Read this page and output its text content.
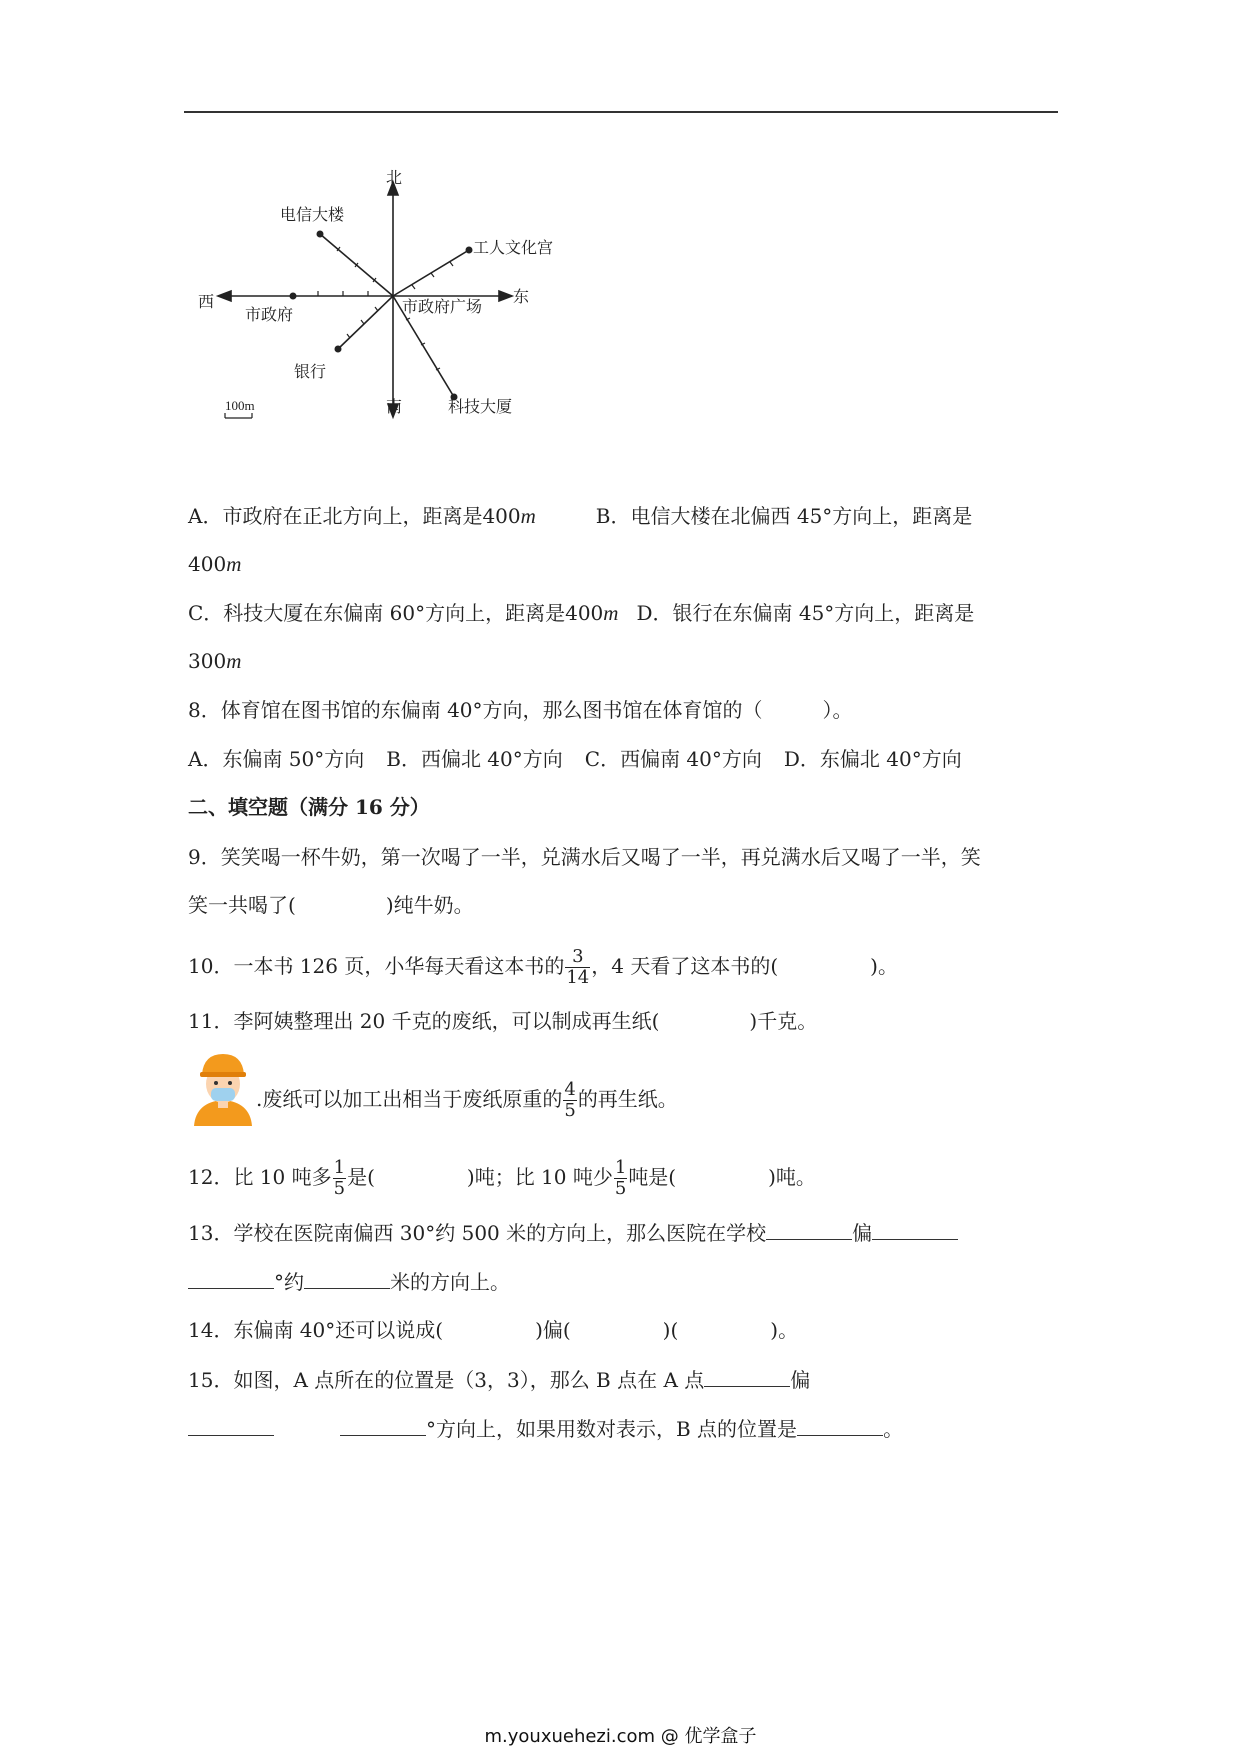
北
南
东
西
电信大楼
工人文化宫
市政府	市政府广场
银行
科技大厦
100m
A．市政府在正北方向上，距离是400m	B．电信大楼在北偏西 45°方向上，距离是
400m
C．科技大厦在东偏南 60°方向上，距离是400m D．银行在东偏南 45°方向上，距离是
300m
8．体育馆在图书馆的东偏南 40°方向，那么图书馆在体育馆的（　　　）。
A．东偏南 50°方向 B．西偏北 40°方向 C．西偏南 40°方向 D．东偏北 40°方向
二、填空题（满分 16 分）
9．笑笑喝一杯牛奶，第一次喝了一半，兑满水后又喝了一半，再兑满水后又喝了一半，笑
笑一共喝了(	)纯牛奶。
10．一本书 126 页，小华每天看这本书的 $\frac{3}{14}$ ，4 天看了这本书的(	)。
11．李阿姨整理出 20 千克的废纸，可以制成再生纸(	)千克。
.废纸可以加工出相当于废纸原重的 $\frac{4}{5}$ 的再生纸。
12．比 10 吨多 $\frac{1}{5}$ 是(	)吨；比 10 吨少 $\frac{1}{5}$ 吨是(	)吨。
13．学校在医院南偏西 30°约 500 米的方向上，那么医院在学校	偏
°约	米的方向上。
14．东偏南 40°还可以说成(	)偏(	)(	)。
15．如图，A 点所在的位置是（3，3），那么 B 点在 A 点	偏
°方向上，如果用数对表示，B 点的位置是	。
m.youxuehezi.com @ 优学盒子
